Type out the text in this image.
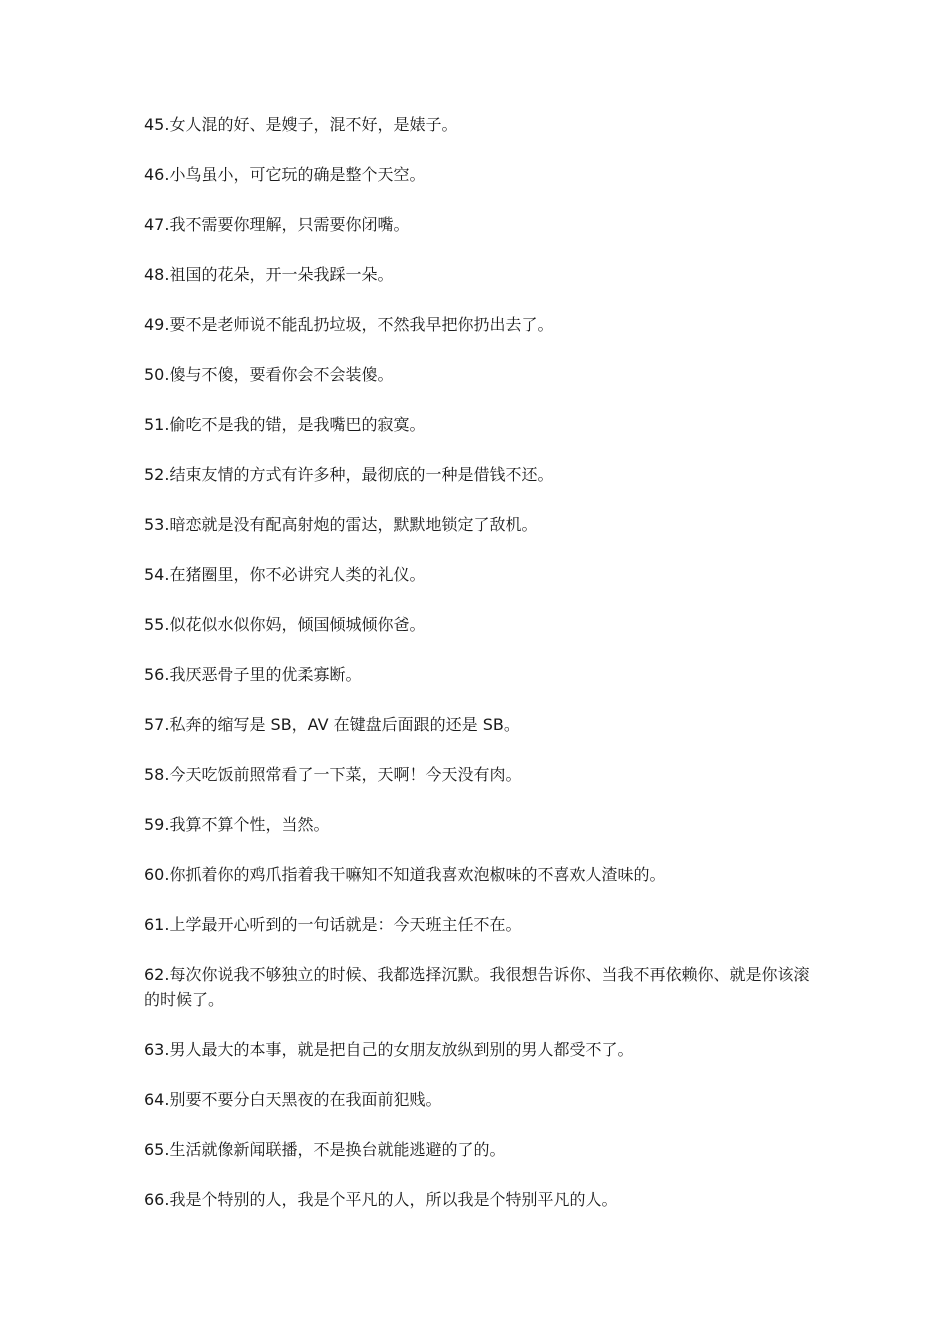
45.女人混的好、是嫂子，混不好，是婊子。

46.小鸟虽小，可它玩的确是整个天空。

47.我不需要你理解，只需要你闭嘴。

48.祖国的花朵，开一朵我踩一朵。

49.要不是老师说不能乱扔垃圾，不然我早把你扔出去了。

50.傻与不傻，要看你会不会装傻。

51.偷吃不是我的错，是我嘴巴的寂寞。

52.结束友情的方式有许多种，最彻底的一种是借钱不还。

53.暗恋就是没有配高射炮的雷达，默默地锁定了敌机。

54.在猪圈里，你不必讲究人类的礼仪。

55.似花似水似你妈，倾国倾城倾你爸。

56.我厌恶骨子里的优柔寡断。

57.私奔的缩写是 SB，AV 在键盘后面跟的还是 SB。

58.今天吃饭前照常看了一下菜，天啊！今天没有肉。

59.我算不算个性，当然。

60.你抓着你的鸡爪指着我干嘛知不知道我喜欢泡椒味的不喜欢人渣味的。

61.上学最开心听到的一句话就是：今天班主任不在。

62.每次你说我不够独立的时候、我都选择沉默。我很想告诉你、当我不再依赖你、就是你该滚的时候了。

63.男人最大的本事，就是把自己的女朋友放纵到别的男人都受不了。

64.别要不要分白天黑夜的在我面前犯贱。

65.生活就像新闻联播，不是换台就能逃避的了的。

66.我是个特别的人，我是个平凡的人，所以我是个特别平凡的人。
